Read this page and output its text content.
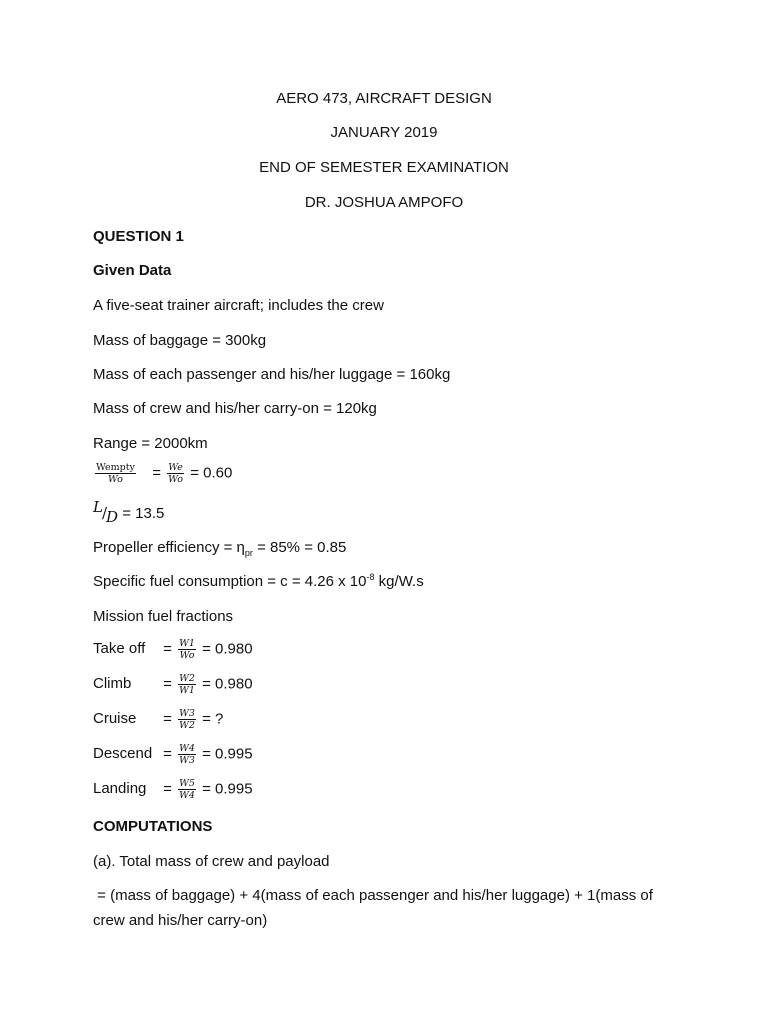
AERO 473, AIRCRAFT DESIGN
JANUARY 2019
END OF SEMESTER EXAMINATION
DR. JOSHUA AMPOFO
QUESTION 1
Given Data
A five-seat trainer aircraft; includes the crew
Mass of baggage = 300kg
Mass of each passenger and his/her luggage = 160kg
Mass of crew and his/her carry-on = 120kg
Range = 2000km
$\frac{\text{Wempty}}{Wo} = \frac{We}{Wo} = 0.60$
L/D = 13.5
Propeller efficiency = $\eta_{pr} = 85\% = 0.85$
Specific fuel consumption = c = 4.26 x $10^{-8}$ kg/W.s
Mission fuel fractions
Take off = $\frac{W1}{Wo} = 0.980$
$Climb = \frac{W2}{W1} = 0.980$
Cruise = $\frac{W3}{W2}$ = ?
Descend = $\frac{W4}{W3} = 0.995$
Landing = $\frac{W5}{W4} = 0.995$
COMPUTATIONS
(a). Total mass of crew and payload
= (mass of baggage) + 4(mass of each passenger and his/her luggage) + 1(mass of
crew and his/her carry-on)
